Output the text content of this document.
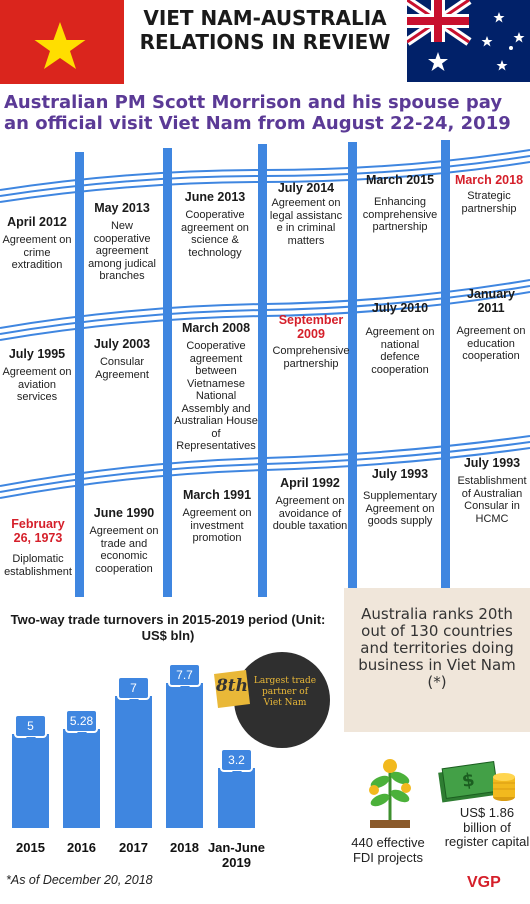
VIET NAM-AUSTRALIA RELATIONS IN REVIEW
Australian PM Scott Morrison and his spouse pay an official visit Viet Nam from August 22-24, 2019
April 2012
Agreement on crime extradition
May 2013
New cooperative agreement among judical branches
June 2013
Cooperative agreement on science & technology
July 2014
Agreement on legal assistanc e in criminal matters
March 2015
Enhancing comprehensive partnership
March 2018
Strategic partnership
July 1995
Agreement on aviation services
July 2003
Consular Agreement
March 2008
Cooperative agreement between Vietnamese National Assembly and Australian House of Representatives
September 2009
Comprehensive partnership
July 2010
Agreement on national defence cooperation
January 2011
Agreement on education cooperation
February 26, 1973
Diplomatic establishment
June 1990
Agreement on trade and economic cooperation
March 1991
Agreement on investment promotion
April 1992
Agreement on avoidance of double taxation
July 1993
Supplementary Agreement on goods supply
July 1993
Establishment of Australian Consular in HCMC
Two-way trade turnovers in 2015-2019 period (Unit: US$ bln)
5
2015
5.28
2016
7
2017
7.7
2018
3.2
Jan-June 2019
8th Largest trade partner of Viet Nam
Australia ranks 20th out of 130 countries and territories doing business in Viet Nam (*)
$
440 effective FDI projects
US$ 1.86 billion of register capital
*As of December 20, 2018	VGP
